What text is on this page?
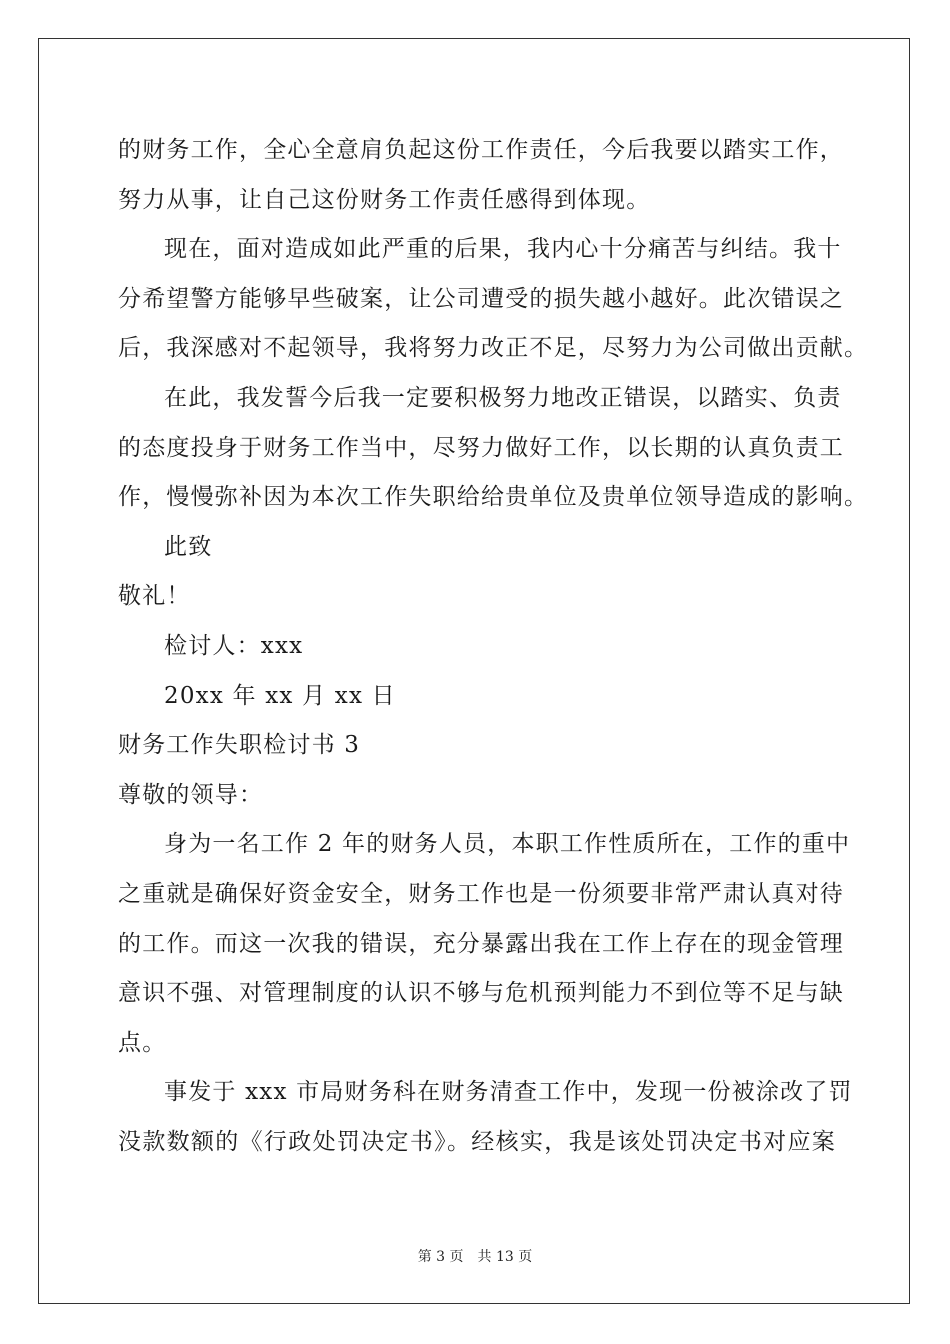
的财务工作，全心全意肩负起这份工作责任，今后我要以踏实工作，
努力从事，让自己这份财务工作责任感得到体现。
现在，面对造成如此严重的后果，我内心十分痛苦与纠结。我十
分希望警方能够早些破案，让公司遭受的损失越小越好。此次错误之
后，我深感对不起领导，我将努力改正不足，尽努力为公司做出贡献。
在此，我发誓今后我一定要积极努力地改正错误，以踏实、负责
的态度投身于财务工作当中，尽努力做好工作，以长期的认真负责工
作，慢慢弥补因为本次工作失职给给贵单位及贵单位领导造成的影响。
此致
敬礼！
检讨人：xxx
20xx 年 xx 月 xx 日
财务工作失职检讨书 3
尊敬的领导：
身为一名工作 2 年的财务人员，本职工作性质所在，工作的重中
之重就是确保好资金安全，财务工作也是一份须要非常严肃认真对待
的工作。而这一次我的错误，充分暴露出我在工作上存在的现金管理
意识不强、对管理制度的认识不够与危机预判能力不到位等不足与缺
点。
事发于 xxx 市局财务科在财务清查工作中，发现一份被涂改了罚
没款数额的《行政处罚决定书》。经核实，我是该处罚决定书对应案
第 3 页 共 13 页
